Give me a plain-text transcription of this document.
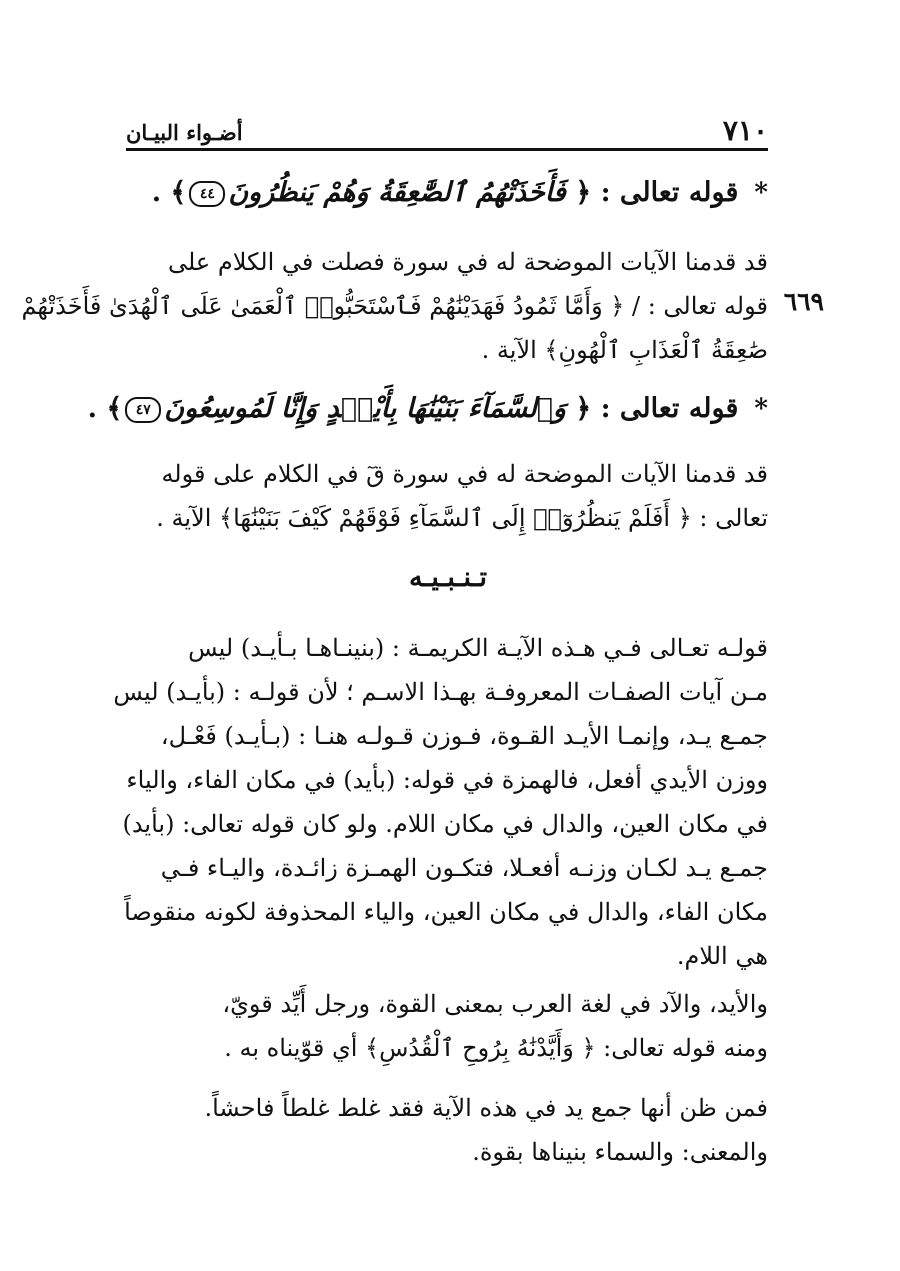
٧١٠
أضـواء البيـان
*قوله تعالى : ﴿ فَأَخَذَتْهُمُ ٱلصَّٰعِقَةُ وَهُمْ يَنظُرُونَ٤٤﴾ .
قد قدمنا الآيات الموضحة له في سورة فصلت في الكلام على
قوله تعالى : / ﴿ وَأَمَّا ثَمُودُ فَهَدَيْنَٰهُمْ فَٱسْتَحَبُّوا۟ ٱلْعَمَىٰ عَلَى ٱلْهُدَىٰ فَأَخَذَتْهُمْ
صَٰعِقَةُ ٱلْعَذَابِ ٱلْهُونِ﴾ الآية .
٦٦٩
*قوله تعالى : ﴿ وَٱلسَّمَآءَ بَنَيْنَٰهَا بِأَيْي۟دٍ وَإِنَّا لَمُوسِعُونَ٤٧﴾ .
قد قدمنا الآيات الموضحة له في سورة قٓ في الكلام على قوله
تعالى : ﴿ أَفَلَمْ يَنظُرُوٓا۟ إِلَى ٱلسَّمَآءِ فَوْقَهُمْ كَيْفَ بَنَيْنَٰهَا﴾ الآية .
تـنـبـيـه
قولـه تعـالى فـي هـذه الآيـة الكريمـة : (بنينـاهـا بـأيـد) ليس
مـن آيات الصفـات المعروفـة بهـذا الاسـم ؛ لأن قولـه : (بأيـد) ليس
جمـع يـد، وإنمـا الأيـد القـوة، فـوزن قـولـه هنـا : (بـأيـد) فَعْـل،
ووزن الأيدي أفعل، فالهمزة في قوله: (بأيد) في مكان الفاء، والياء
في مكان العين، والدال في مكان اللام. ولو كان قوله تعالى: (بأيد)
جمـع يـد لكـان وزنـه أفعـلا، فتكـون الهمـزة زائـدة، واليـاء فـي
مكان الفاء، والدال في مكان العين، والياء المحذوفة لكونه منقوصاً
هي اللام.
والأيد، والآد في لغة العرب بمعنى القوة، ورجل أَيِّد قويّ،
ومنه قوله تعالى: ﴿ وَأَيَّدْنَٰهُ بِرُوحِ ٱلْقُدُسِ﴾ أي قوّيناه به .
فمن ظن أنها جمع يد في هذه الآية فقد غلط غلطاً فاحشاً.
والمعنى: والسماء بنيناها بقوة.
